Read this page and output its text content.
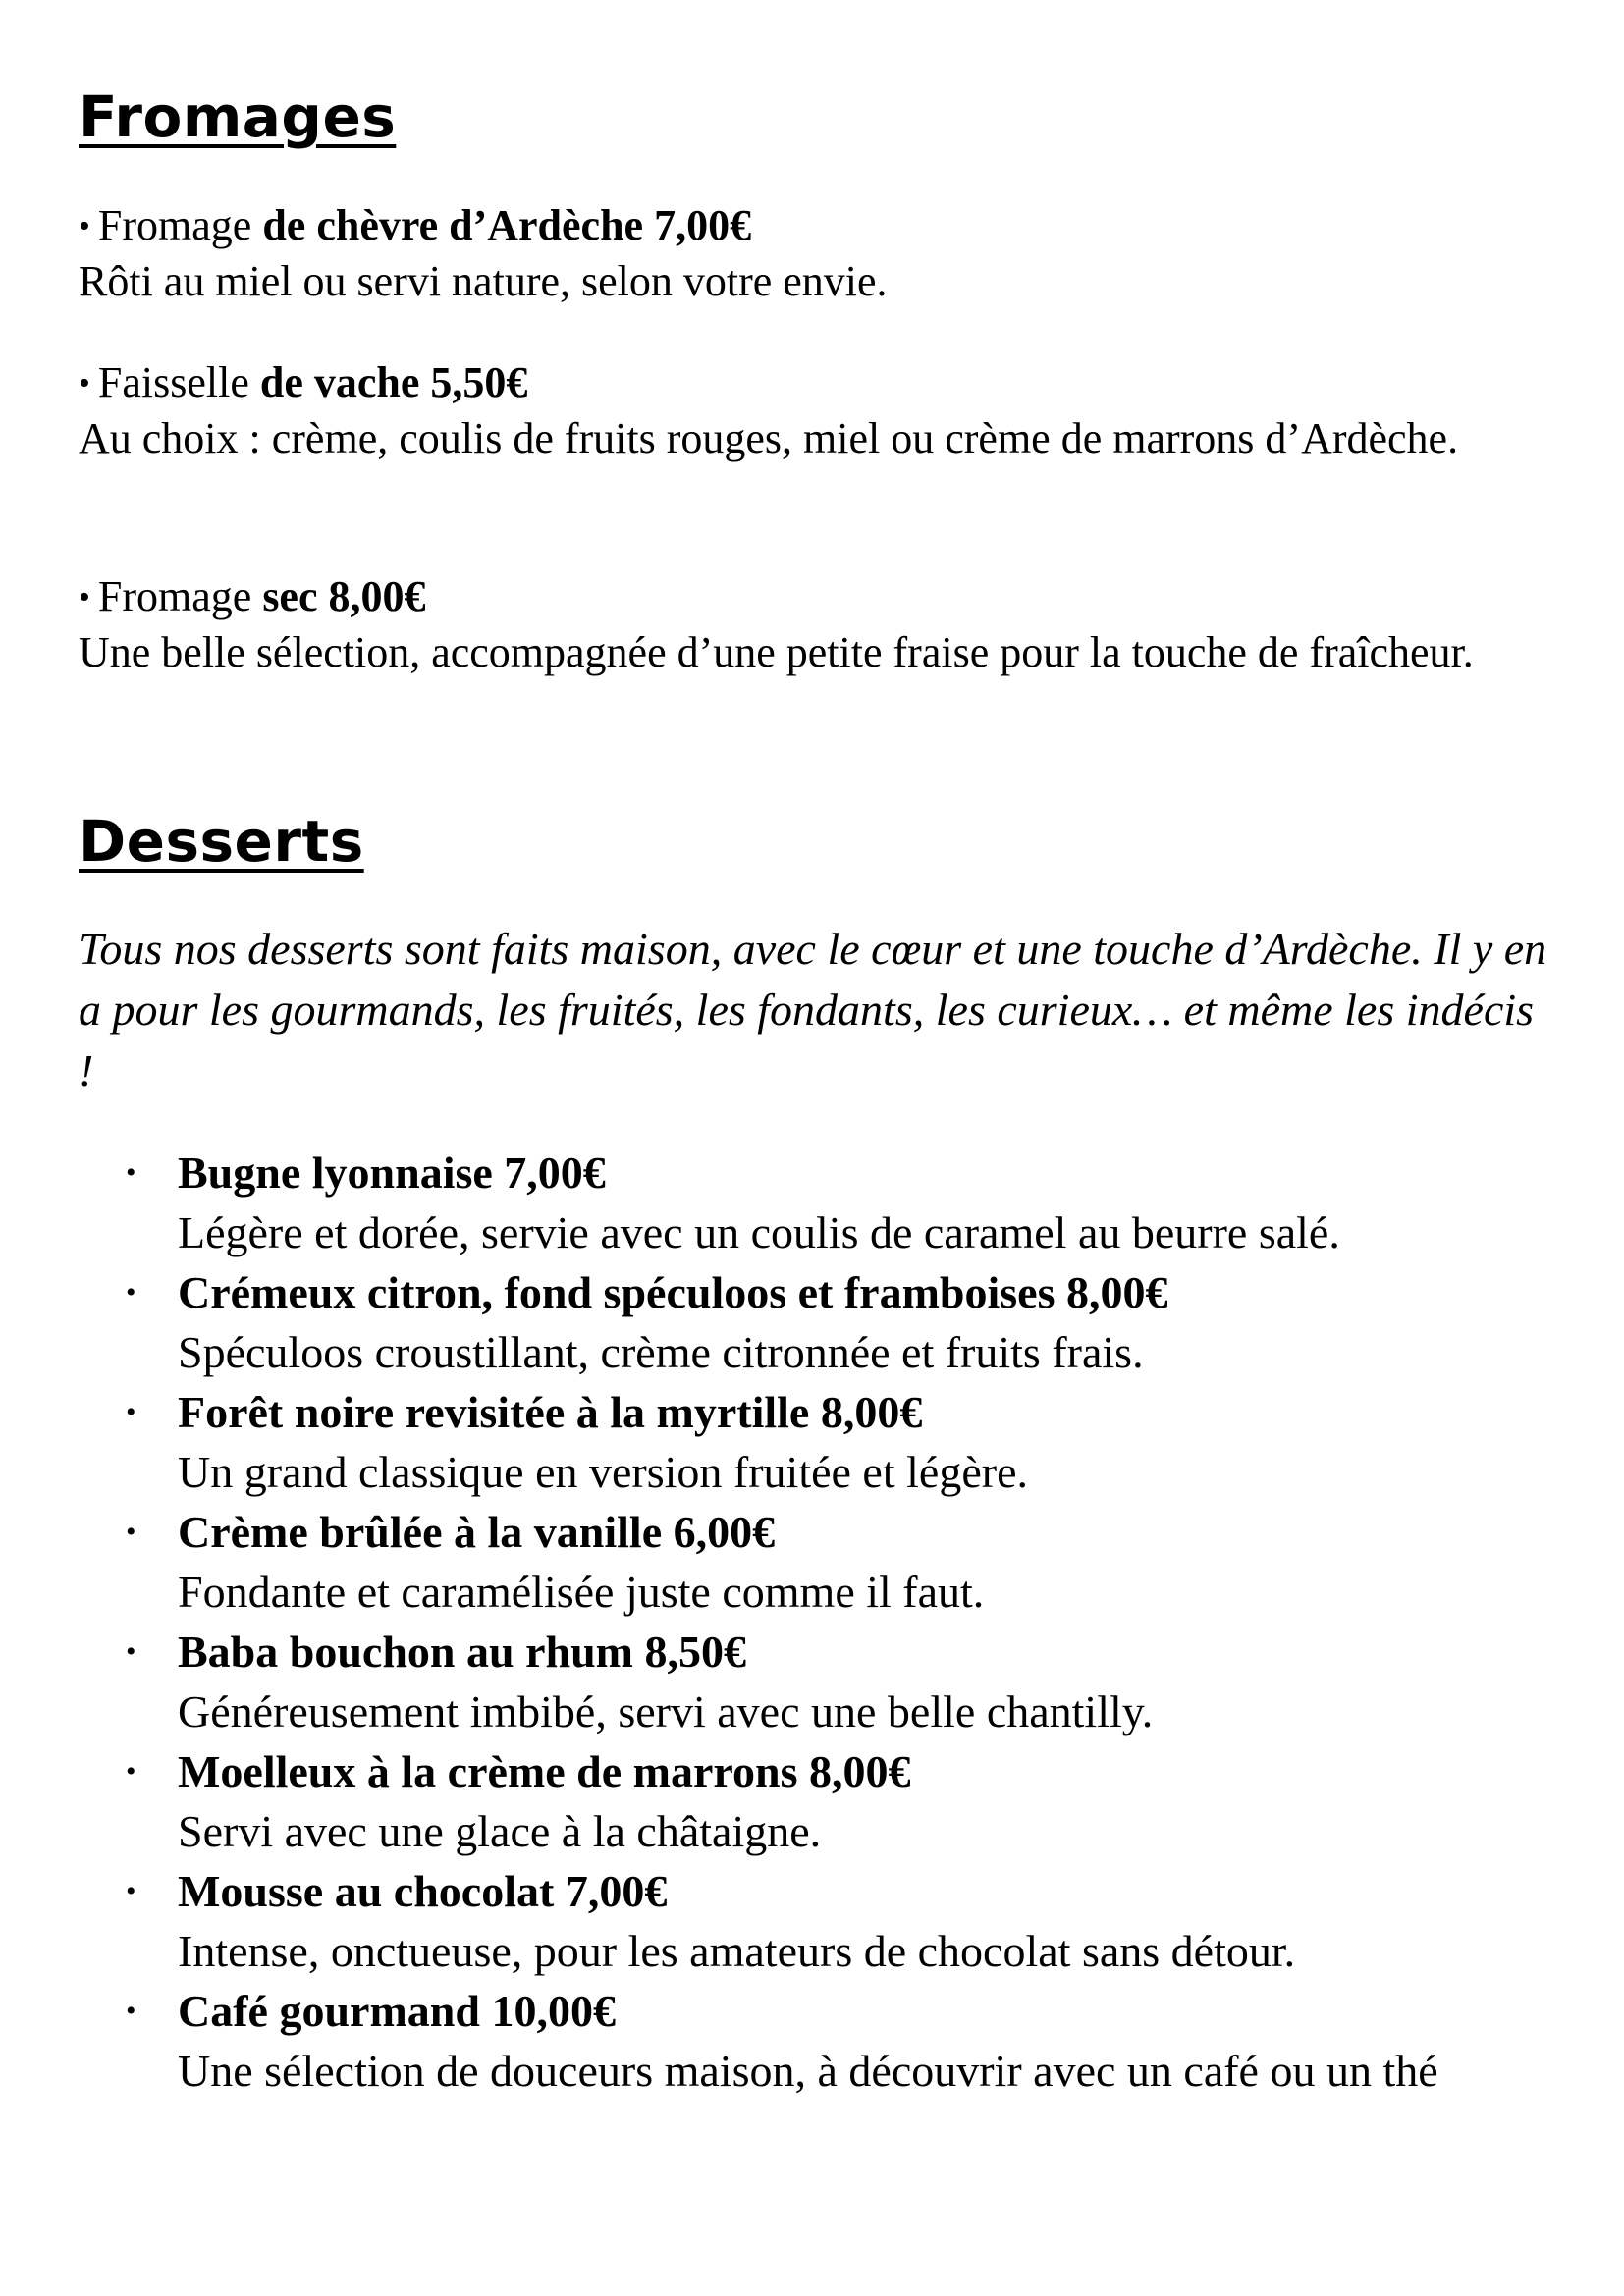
Fromages
• Fromage de chèvre d’Ardèche 7,00€
Rôti au miel ou servi nature, selon votre envie.
• Faisselle de vache 5,50€
Au choix : crème, coulis de fruits rouges, miel ou crème de marrons d’Ardèche.
• Fromage sec 8,00€
Une belle sélection, accompagnée d’une petite fraise pour la touche de fraîcheur.
Desserts

Tous nos desserts sont faits maison, avec le cœur et une touche d’Ardèche. Il y en a pour les gourmands, les fruités, les fondants, les curieux… et même les indécis !

• Bugne lyonnaise 7,00€
Légère et dorée, servie avec un coulis de caramel au beurre salé.
• Crémeux citron, fond spéculoos et framboises 8,00€
Spéculoos croustillant, crème citronnée et fruits frais.
• Forêt noire revisitée à la myrtille 8,00€
Un grand classique en version fruitée et légère.
• Crème brûlée à la vanille 6,00€
Fondante et caramélisée juste comme il faut.
• Baba bouchon au rhum 8,50€
Généreusement imbibé, servi avec une belle chantilly.
• Moelleux à la crème de marrons 8,00€
Servi avec une glace à la châtaigne.
• Mousse au chocolat 7,00€
Intense, onctueuse, pour les amateurs de chocolat sans détour.
• Café gourmand 10,00€
Une sélection de douceurs maison, à découvrir avec un café ou un thé
